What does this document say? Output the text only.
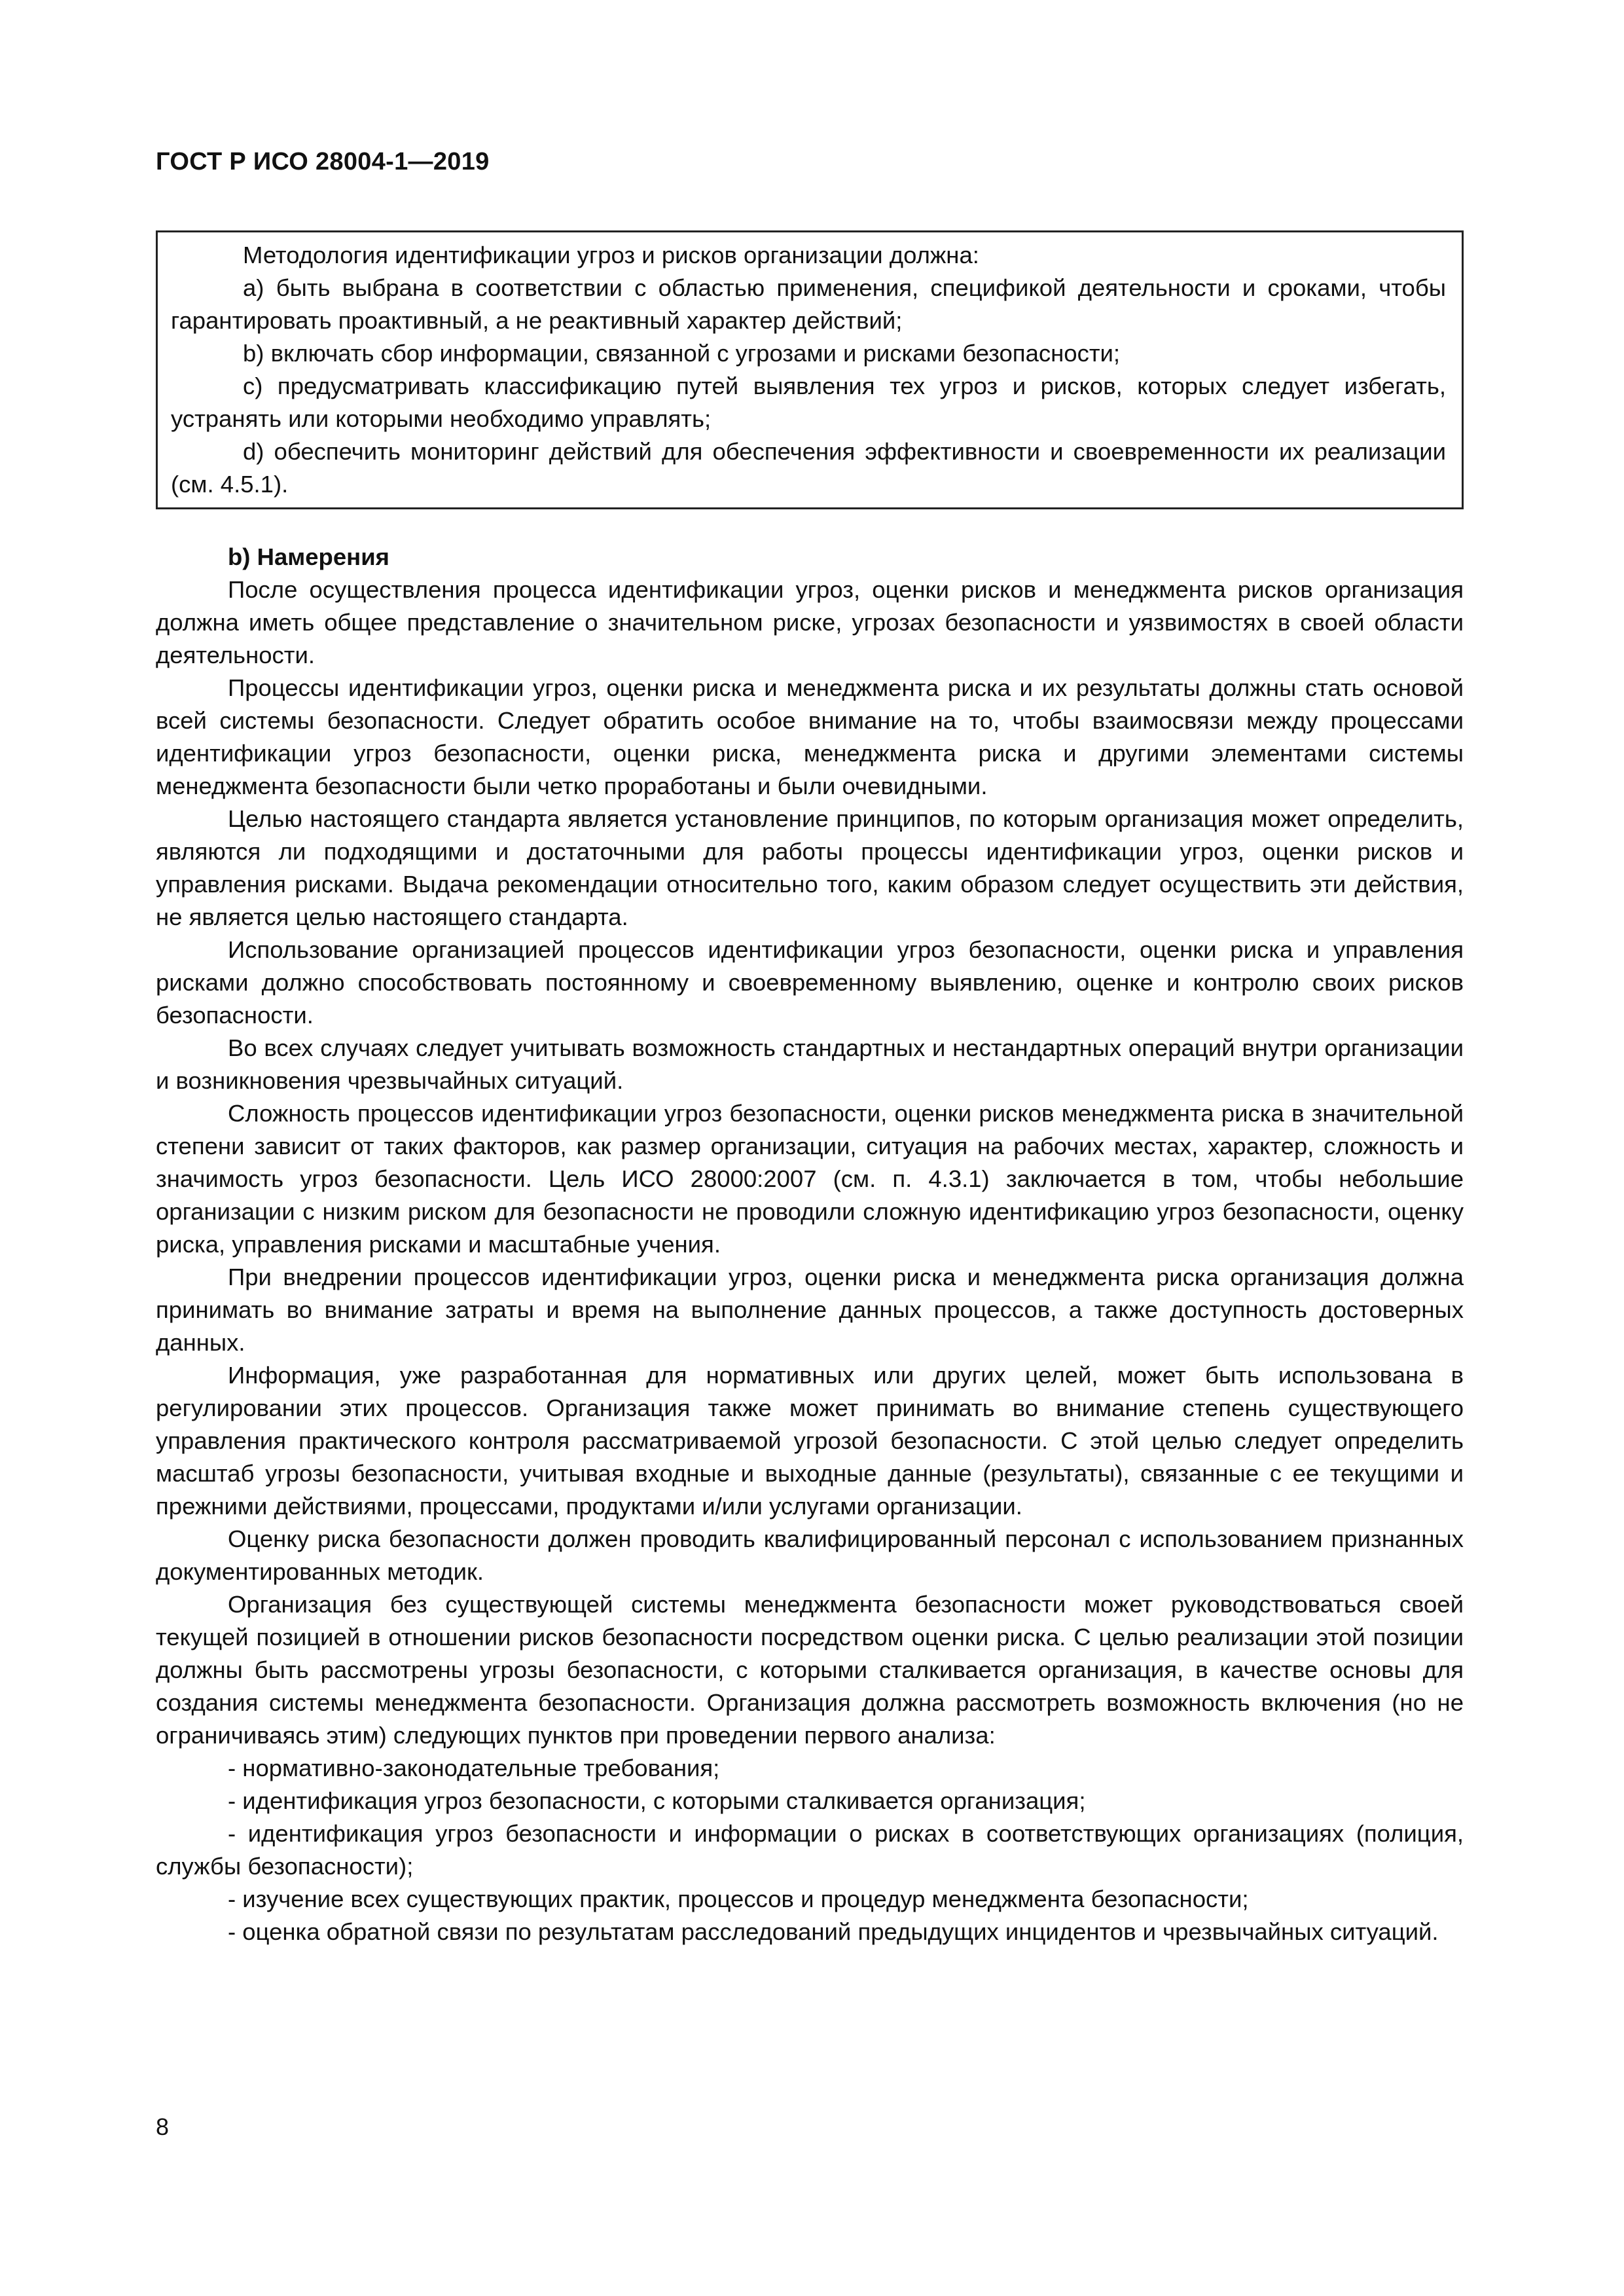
ГОСТ Р ИСО 28004-1—2019

Методология идентификации угроз и рисков организации должна:

a) быть выбрана в соответствии с областью применения, спецификой деятельности и сроками, чтобы гарантировать проактивный, а не реактивный характер действий;

b) включать сбор информации, связанной с угрозами и рисками безопасности;

c) предусматривать классификацию путей выявления тех угроз и рисков, которых следует избегать, устранять или которыми необходимо управлять;

d) обеспечить мониторинг действий для обеспечения эффективности и своевременности их реализации (см. 4.5.1).

b) Намерения

После осуществления процесса идентификации угроз, оценки рисков и менеджмента рисков организация должна иметь общее представление о значительном риске, угрозах безопасности и уязвимостях в своей области деятельности.

Процессы идентификации угроз, оценки риска и менеджмента риска и их результаты должны стать основой всей системы безопасности. Следует обратить особое внимание на то, чтобы взаимосвязи между процессами идентификации угроз безопасности, оценки риска, менеджмента риска и другими элементами системы менеджмента безопасности были четко проработаны и были очевидными.

Целью настоящего стандарта является установление принципов, по которым организация может определить, являются ли подходящими и достаточными для работы процессы идентификации угроз, оценки рисков и управления рисками. Выдача рекомендации относительно того, каким образом следует осуществить эти действия, не является целью настоящего стандарта.

Использование организацией процессов идентификации угроз безопасности, оценки риска и управления рисками должно способствовать постоянному и своевременному выявлению, оценке и контролю своих рисков безопасности.

Во всех случаях следует учитывать возможность стандартных и нестандартных операций внутри организации и возникновения чрезвычайных ситуаций.

Сложность процессов идентификации угроз безопасности, оценки рисков менеджмента риска в значительной степени зависит от таких факторов, как размер организации, ситуация на рабочих местах, характер, сложность и значимость угроз безопасности. Цель ИСО 28000:2007 (см. п. 4.3.1) заключается в том, чтобы небольшие организации с низким риском для безопасности не проводили сложную идентификацию угроз безопасности, оценку риска, управления рисками и масштабные учения.

При внедрении процессов идентификации угроз, оценки риска и менеджмента риска организация должна принимать во внимание затраты и время на выполнение данных процессов, а также доступность достоверных данных.

Информация, уже разработанная для нормативных или других целей, может быть использована в регулировании этих процессов. Организация также может принимать во внимание степень существующего управления практического контроля рассматриваемой угрозой безопасности. С этой целью следует определить масштаб угрозы безопасности, учитывая входные и выходные данные (результаты), связанные с ее текущими и прежними действиями, процессами, продуктами и/или услугами организации.

Оценку риска безопасности должен проводить квалифицированный персонал с использованием признанных документированных методик.

Организация без существующей системы менеджмента безопасности может руководствоваться своей текущей позицией в отношении рисков безопасности посредством оценки риска. С целью реализации этой позиции должны быть рассмотрены угрозы безопасности, с которыми сталкивается организация, в качестве основы для создания системы менеджмента безопасности. Организация должна рассмотреть возможность включения (но не ограничиваясь этим) следующих пунктов при проведении первого анализа:

- нормативно-законодательные требования;

- идентификация угроз безопасности, с которыми сталкивается организация;

- идентификация угроз безопасности и информации о рисках в соответствующих организациях (полиция, службы безопасности);

- изучение всех существующих практик, процессов и процедур менеджмента безопасности;

- оценка обратной связи по результатам расследований предыдущих инцидентов и чрезвычайных ситуаций.

8
